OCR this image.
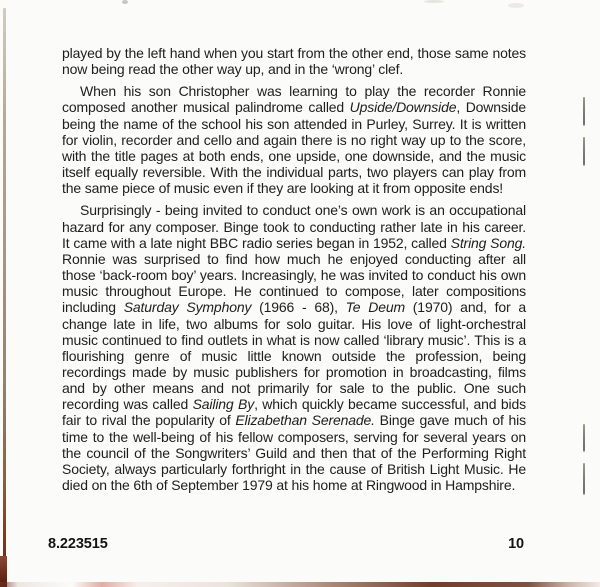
played by the left hand when you start from the other end, those same notes now being read the other way up, and in the ‘wrong’ clef.

When his son Christopher was learning to play the recorder Ronnie composed another musical palindrome called Upside/Downside, Downside being the name of the school his son attended in Purley, Surrey. It is written for violin, recorder and cello and again there is no right way up to the score, with the title pages at both ends, one upside, one downside, and the music itself equally reversible. With the individual parts, two players can play from the same piece of music even if they are looking at it from opposite ends!

Surprisingly - being invited to conduct one’s own work is an occupational hazard for any composer. Binge took to conducting rather late in his career. It came with a late night BBC radio series began in 1952, called String Song. Ronnie was surprised to find how much he enjoyed conducting after all those ‘back-room boy’ years. Increasingly, he was invited to conduct his own music throughout Europe. He continued to compose, later compositions including Saturday Symphony (1966 - 68), Te Deum (1970) and, for a change late in life, two albums for solo guitar. His love of light-orchestral music continued to find outlets in what is now called ‘library music’. This is a flourishing genre of music little known outside the profession, being recordings made by music publishers for promotion in broadcasting, films and by other means and not primarily for sale to the public. One such recording was called Sailing By, which quickly became successful, and bids fair to rival the popularity of Elizabethan Serenade. Binge gave much of his time to the well-being of his fellow composers, serving for several years on the council of the Songwriters’ Guild and then that of the Performing Right Society, always particularly forthright in the cause of British Light Music. He died on the 6th of September 1979 at his home at Ringwood in Hampshire.

8.223515	10
